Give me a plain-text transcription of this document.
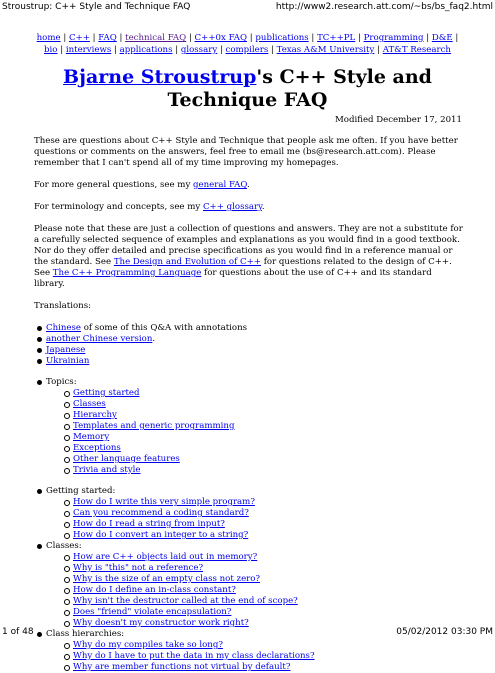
Stroustrup: C++ Style and Technique FAQ	http://www2.research.att.com/~bs/bs_faq2.html
home | C++ | FAQ | technical FAQ | C++0x FAQ | publications | TC++PL | Programming | D&E | bio | interviews | applications | glossary | compilers | Texas A&M University | AT&T Research
Bjarne Stroustrup's C++ Style and Technique FAQ
Modified December 17, 2011

These are questions about C++ Style and Technique that people ask me often. If you have better questions or comments on the answers, feel free to email me (bs@research.att.com). Please remember that I can't spend all of my time improving my homepages.

For more general questions, see my general FAQ.

For terminology and concepts, see my C++ glossary.

Please note that these are just a collection of questions and answers. They are not a substitute for a carefully selected sequence of examples and explanations as you would find in a good textbook. Nor do they offer detailed and precise specifications as you would find in a reference manual or the standard. See The Design and Evolution of C++ for questions related to the design of C++. See The C++ Programming Language for questions about the use of C++ and its standard library.

Translations:

Chinese of some of this Q&A with annotations
another Chinese version.
Japanese
Ukrainian
Topics:
Getting started
Classes
Hierarchy
Templates and generic programming
Memory
Exceptions
Other language features
Trivia and style
Getting started:
How do I write this very simple program?
Can you recommend a coding standard?
How do I read a string from input?
How do I convert an integer to a string?
Classes:
How are C++ objects laid out in memory?
Why is "this" not a reference?
Why is the size of an empty class not zero?
How do I define an in-class constant?
Why isn't the destructor called at the end of scope?
Does "friend" violate encapsulation?
Why doesn't my constructor work right?
Class hierarchies:
Why do my compiles take so long?
Why do I have to put the data in my class declarations?
Why are member functions not virtual by default?
1 of 48	05/02/2012 03:30 PM
